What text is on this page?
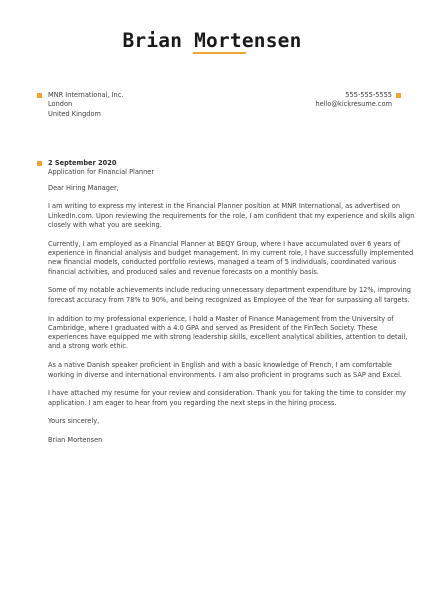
Brian Mortensen
MNR International, Inc.
London
United Kingdom
555-555-5555
hello@kickresume.com
2 September 2020
Application for Financial Planner
Dear Hiring Manager,
I am writing to express my interest in the Financial Planner position at MNR International, as advertised on
LinkedIn.com. Upon reviewing the requirements for the role, I am confident that my experience and skills align
closely with what you are seeking.
Currently, I am employed as a Financial Planner at BEQY Group, where I have accumulated over 6 years of
experience in financial analysis and budget management. In my current role, I have successfully implemented
new financial models, conducted portfolio reviews, managed a team of 5 individuals, coordinated various
financial activities, and produced sales and revenue forecasts on a monthly basis.
Some of my notable achievements include reducing unnecessary department expenditure by 12%, improving
forecast accuracy from 78% to 90%, and being recognized as Employee of the Year for surpassing all targets.
In addition to my professional experience, I hold a Master of Finance Management from the University of
Cambridge, where I graduated with a 4.0 GPA and served as President of the FinTech Society. These
experiences have equipped me with strong leadership skills, excellent analytical abilities, attention to detail,
and a strong work ethic.
As a native Danish speaker proficient in English and with a basic knowledge of French, I am comfortable
working in diverse and international environments. I am also proficient in programs such as SAP and Excel.
I have attached my resume for your review and consideration. Thank you for taking the time to consider my
application. I am eager to hear from you regarding the next steps in the hiring process.
Yours sincerely,
Brian Mortensen
